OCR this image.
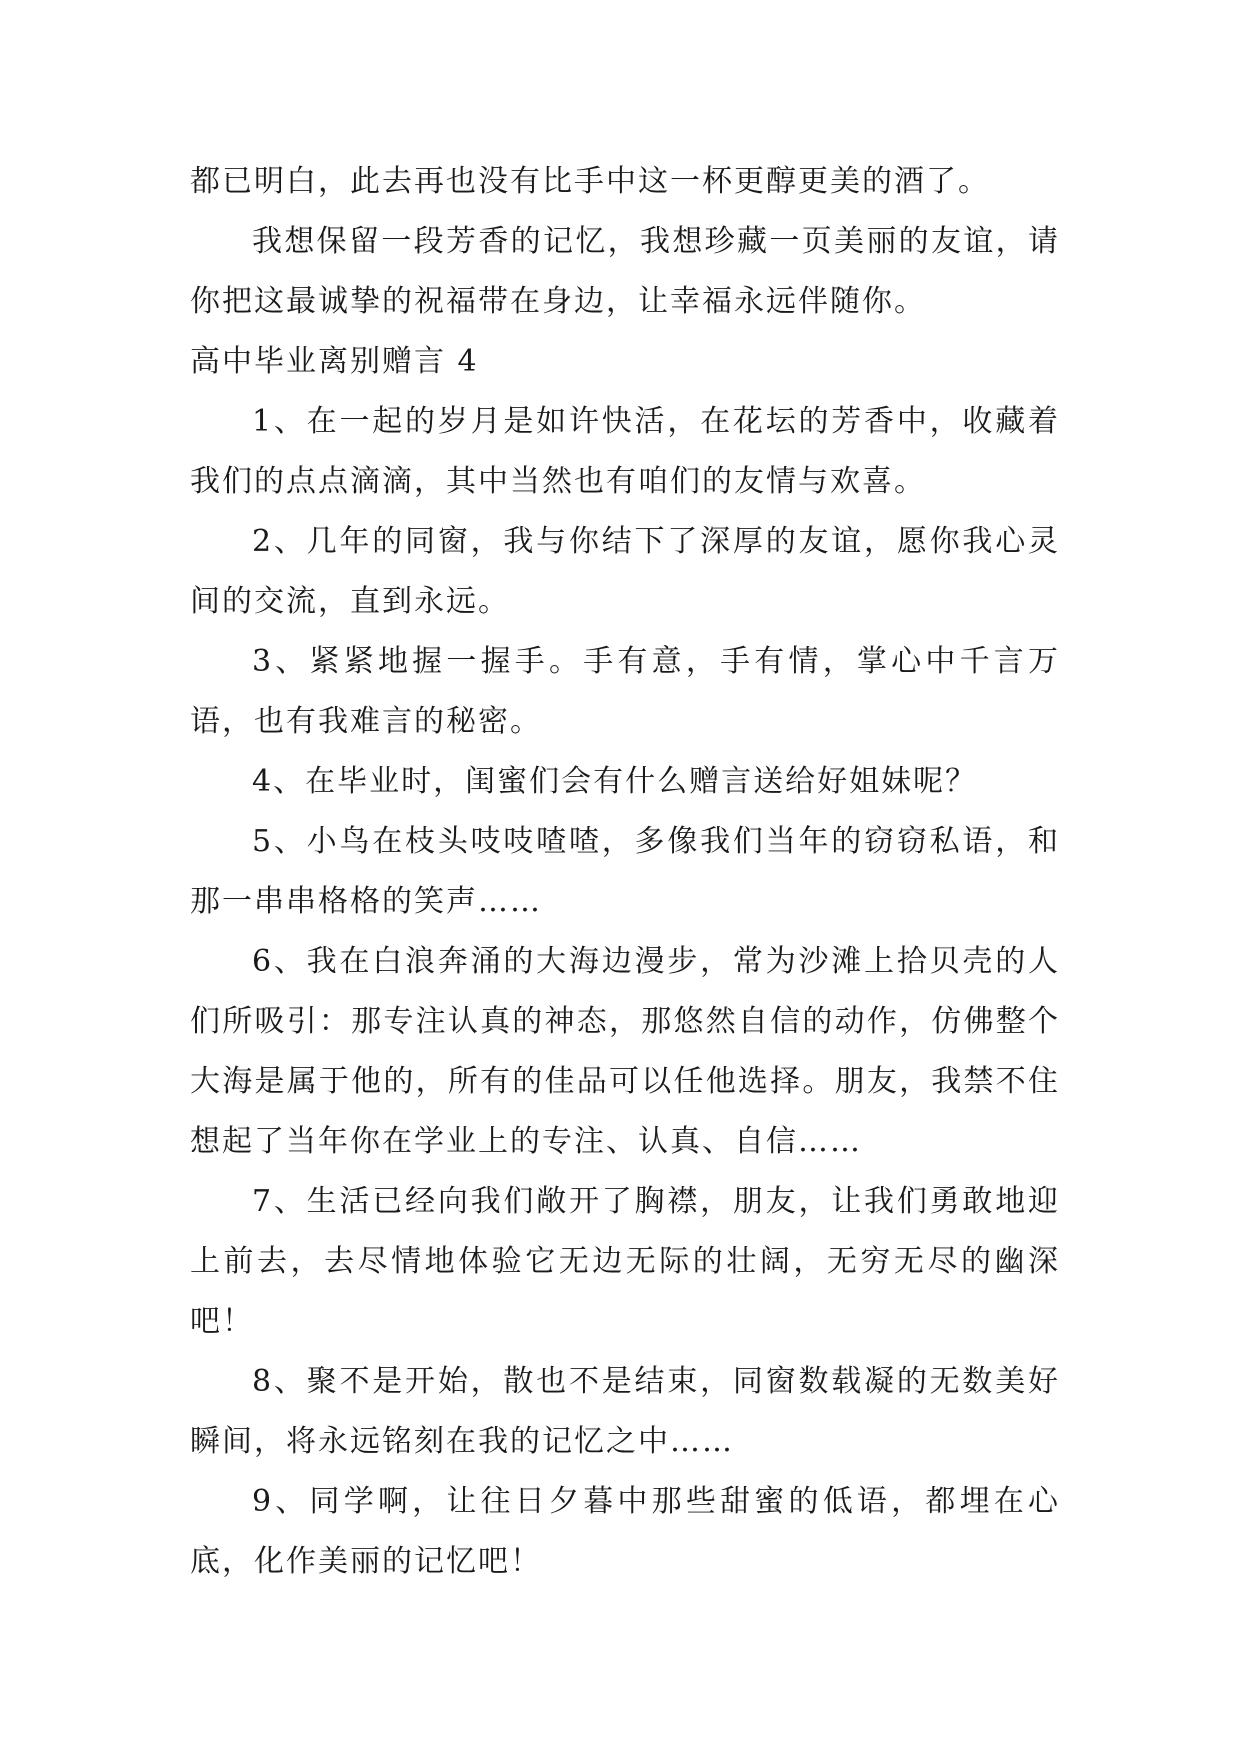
都已明白，此去再也没有比手中这一杯更醇更美的酒了。

我想保留一段芳香的记忆，我想珍藏一页美丽的友谊，请你把这最诚挚的祝福带在身边，让幸福永远伴随你。

高中毕业离别赠言 4

1、在一起的岁月是如许快活，在花坛的芳香中，收藏着我们的点点滴滴，其中当然也有咱们的友情与欢喜。

2、几年的同窗，我与你结下了深厚的友谊，愿你我心灵间的交流，直到永远。

3、紧紧地握一握手。手有意，手有情，掌心中千言万语，也有我难言的秘密。

4、在毕业时，闺蜜们会有什么赠言送给好姐妹呢？

5、小鸟在枝头吱吱喳喳，多像我们当年的窃窃私语，和那一串串格格的笑声……

6、我在白浪奔涌的大海边漫步，常为沙滩上拾贝壳的人们所吸引：那专注认真的神态，那悠然自信的动作，仿佛整个大海是属于他的，所有的佳品可以任他选择。朋友，我禁不住想起了当年你在学业上的专注、认真、自信……

7、生活已经向我们敞开了胸襟，朋友，让我们勇敢地迎上前去，去尽情地体验它无边无际的壮阔，无穷无尽的幽深吧！

8、聚不是开始，散也不是结束，同窗数载凝的无数美好瞬间，将永远铭刻在我的记忆之中……

9、同学啊，让往日夕暮中那些甜蜜的低语，都埋在心底，化作美丽的记忆吧！
